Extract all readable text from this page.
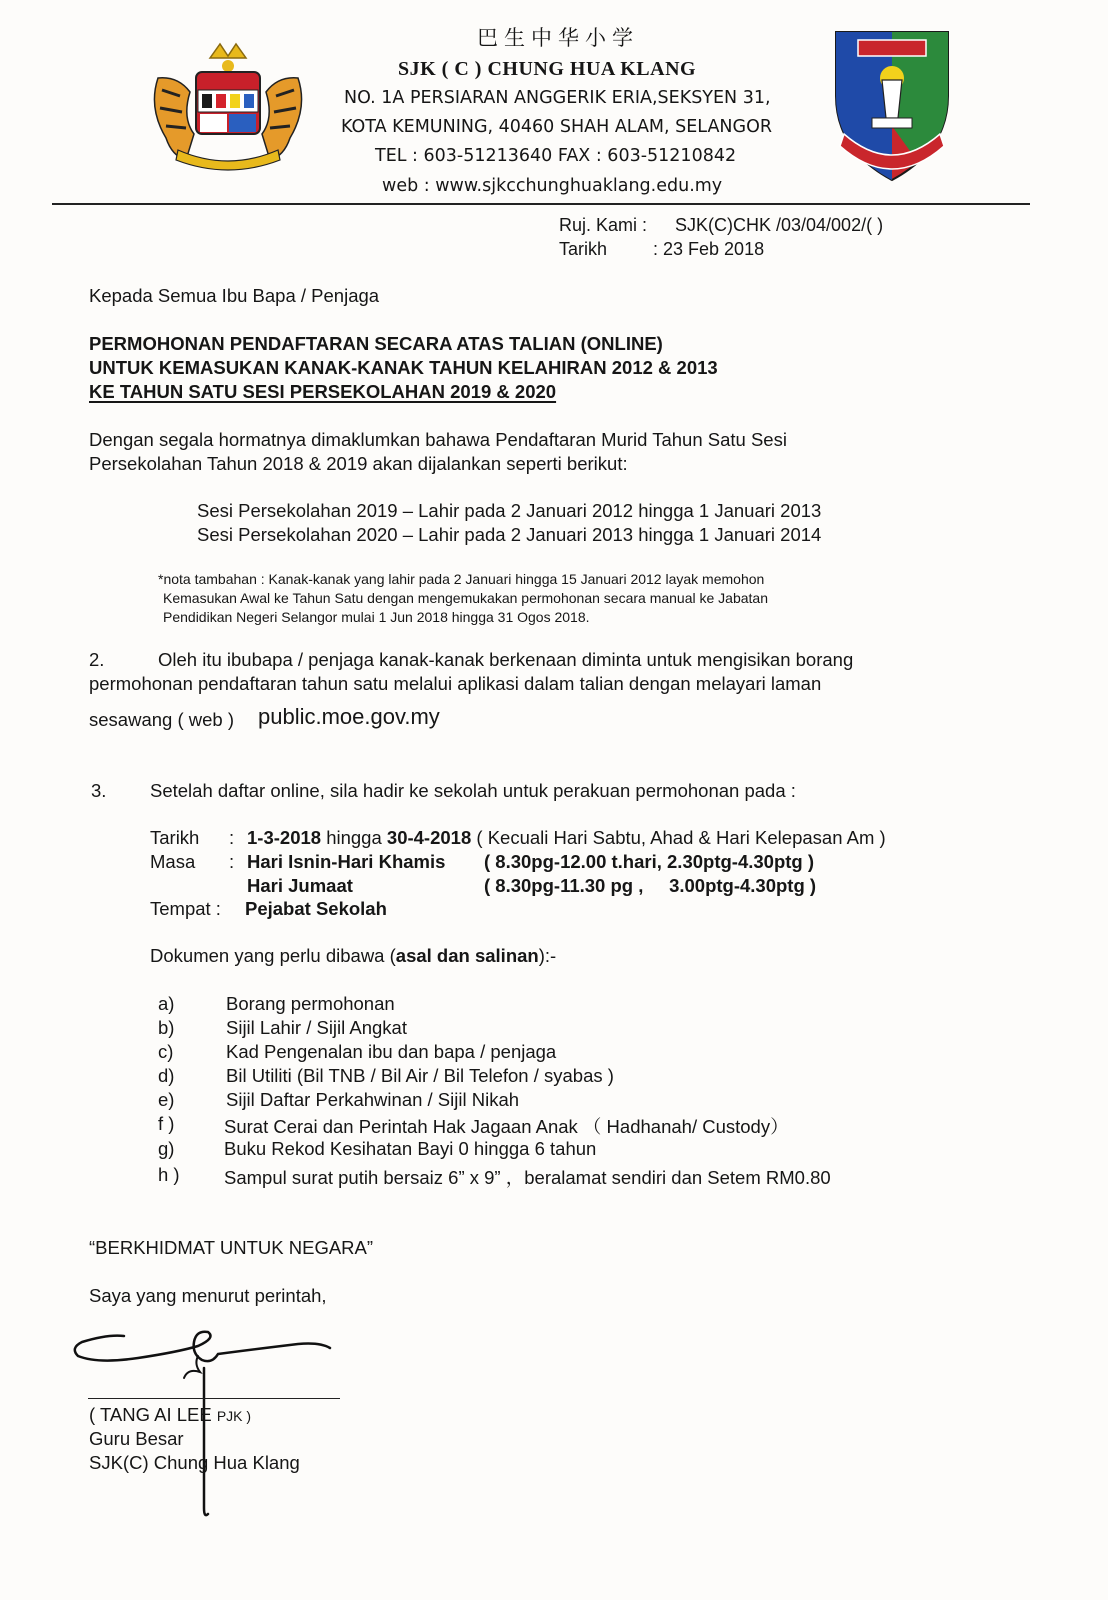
巴生中华小学
SJK ( C ) CHUNG HUA KLANG
NO. 1A PERSIARAN ANGGERIK ERIA,SEKSYEN 31,
KOTA KEMUNING, 40460 SHAH ALAM, SELANGOR
TEL : 603-51213640 FAX : 603-51210842
web : www.sjkcchunghuaklang.edu.my
Ruj. Kami : SJK(C)CHK /03/04/002/( )
Tarikh	: 23 Feb 2018
Kepada Semua Ibu Bapa / Penjaga
PERMOHONAN PENDAFTARAN SECARA ATAS TALIAN (ONLINE)
UNTUK KEMASUKAN KANAK-KANAK TAHUN KELAHIRAN 2012 & 2013
KE TAHUN SATU SESI PERSEKOLAHAN 2019 & 2020
Dengan segala hormatnya dimaklumkan bahawa Pendaftaran Murid Tahun Satu Sesi
Persekolahan Tahun 2018 & 2019 akan dijalankan seperti berikut:
Sesi Persekolahan 2019 – Lahir pada 2 Januari 2012 hingga 1 Januari 2013
Sesi Persekolahan 2020 – Lahir pada 2 Januari 2013 hingga 1 Januari 2014
*nota tambahan : Kanak-kanak yang lahir pada 2 Januari hingga 15 Januari 2012 layak memohon
Kemasukan Awal ke Tahun Satu dengan mengemukakan permohonan secara manual ke Jabatan
Pendidikan Negeri Selangor mulai 1 Jun 2018 hingga 31 Ogos 2018.
2.	Oleh itu ibubapa / penjaga kanak-kanak berkenaan diminta untuk mengisikan borang
permohonan pendaftaran tahun satu melalui aplikasi dalam talian dengan melayari laman
sesawang ( web ) public.moe.gov.my
3. Setelah daftar online, sila hadir ke sekolah untuk perakuan permohonan pada :
Tarikh : 1-3-2018 hingga 30-4-2018 ( Kecuali Hari Sabtu, Ahad & Hari Kelepasan Am )
Masa : Hari Isnin-Hari Khamis ( 8.30pg-12.00 t.hari, 2.30ptg-4.30ptg )
Hari Jumaat	( 8.30pg-11.30 pg ,     3.00ptg-4.30ptg )
Tempat : Pejabat Sekolah
Dokumen yang perlu dibawa (asal dan salinan):-
a)	Borang permohonan
b)	Sijil Lahir / Sijil Angkat
c)	Kad Pengenalan ibu dan bapa / penjaga
d)	Bil Utiliti (Bil TNB / Bil Air / Bil Telefon / syabas )
e)	Sijil Daftar Perkahwinan / Sijil Nikah
f )	Surat Cerai dan Perintah Hak Jagaan Anak （ Hadhanah/ Custody）
g)	Buku Rekod Kesihatan Bayi 0 hingga 6 tahun
h ) Sampul surat putih bersaiz 6” x 9” ，beralamat sendiri dan Setem RM0.80
“BERKHIDMAT UNTUK NEGARA”
Saya yang menurut perintah,
( TANG AI LEE PJK )
Guru Besar
SJK(C) Chung Hua Klang
